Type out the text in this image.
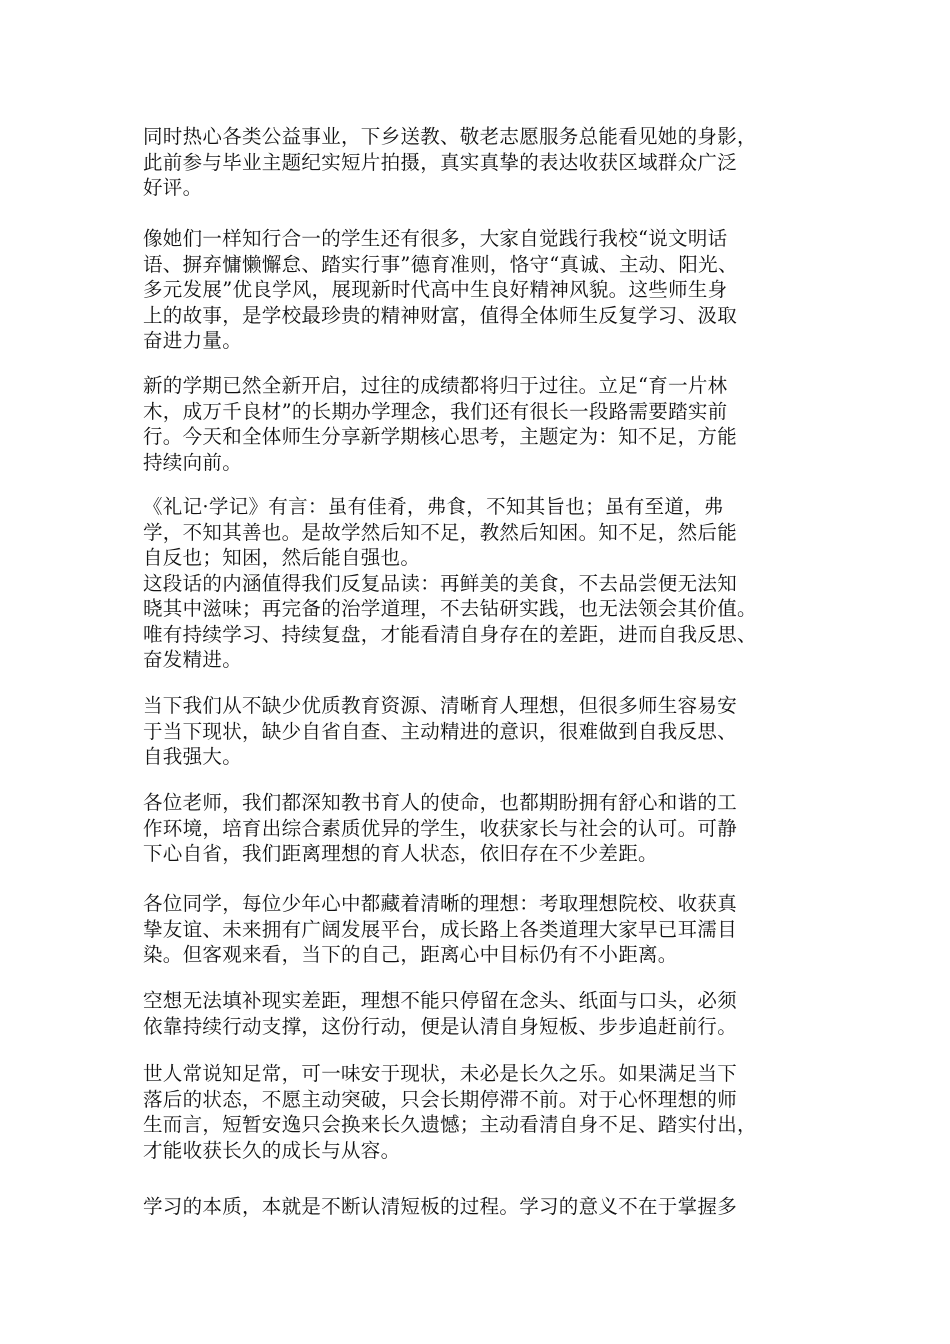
同时热心各类公益事业，下乡送教、敬老志愿服务总能看见她的身影，
此前参与毕业主题纪实短片拍摄，真实真挚的表达收获区域群众广泛
好评。
像她们一样知行合一的学生还有很多，大家自觉践行我校“说文明话
语、摒弃慵懒懈怠、踏实行事”德育准则，恪守“真诚、主动、阳光、
多元发展”优良学风，展现新时代高中生良好精神风貌。这些师生身
上的故事，是学校最珍贵的精神财富，值得全体师生反复学习、汲取
奋进力量。
新的学期已然全新开启，过往的成绩都将归于过往。立足“育一片林
木，成万千良材”的长期办学理念，我们还有很长一段路需要踏实前
行。今天和全体师生分享新学期核心思考，主题定为：知不足，方能
持续向前。
《礼记·学记》有言：虽有佳肴，弗食，不知其旨也；虽有至道，弗
学，不知其善也。是故学然后知不足，教然后知困。知不足，然后能
自反也；知困，然后能自强也。
这段话的内涵值得我们反复品读：再鲜美的美食，不去品尝便无法知
晓其中滋味；再完备的治学道理，不去钻研实践，也无法领会其价值。
唯有持续学习、持续复盘，才能看清自身存在的差距，进而自我反思、
奋发精进。
当下我们从不缺少优质教育资源、清晰育人理想，但很多师生容易安
于当下现状，缺少自省自查、主动精进的意识，很难做到自我反思、
自我强大。
各位老师，我们都深知教书育人的使命，也都期盼拥有舒心和谐的工
作环境，培育出综合素质优异的学生，收获家长与社会的认可。可静
下心自省，我们距离理想的育人状态，依旧存在不少差距。
各位同学，每位少年心中都藏着清晰的理想：考取理想院校、收获真
挚友谊、未来拥有广阔发展平台，成长路上各类道理大家早已耳濡目
染。但客观来看，当下的自己，距离心中目标仍有不小距离。
空想无法填补现实差距，理想不能只停留在念头、纸面与口头，必须
依靠持续行动支撑，这份行动，便是认清自身短板、步步追赶前行。
世人常说知足常，可一味安于现状，未必是长久之乐。如果满足当下
落后的状态，不愿主动突破，只会长期停滞不前。对于心怀理想的师
生而言，短暂安逸只会换来长久遗憾；主动看清自身不足、踏实付出，
才能收获长久的成长与从容。
学习的本质，本就是不断认清短板的过程。学习的意义不在于掌握多
